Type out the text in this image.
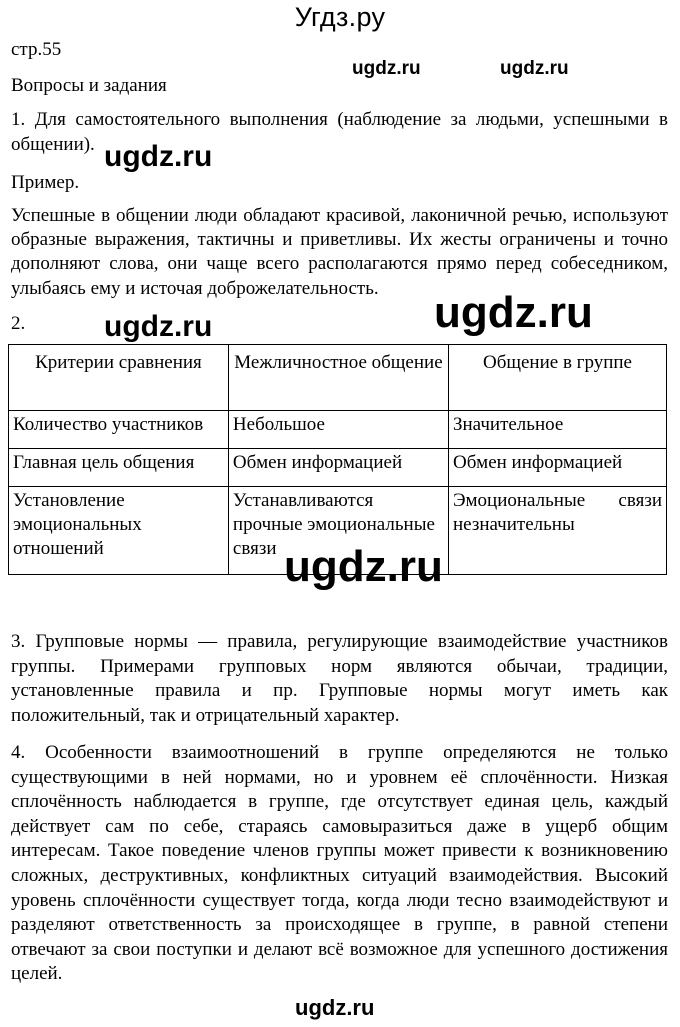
Угдз.ру
стр.55
Вопросы и задания
ugdz.ru	ugdz.ru
1. Для самостоятельного выполнения (наблюдение за людьми, успешными в общении). ugdz.ru
Пример.
Успешные в общении люди обладают красивой, лаконичной речью, используют образные выражения, тактичны и приветливы. Их жесты ограничены и точно дополняют слова, они чаще всего располагаются прямо перед собеседником, улыбаясь ему и источая доброжелательность.
2.	ugdz.ru	ugdz.ru
Критерии сравнения	Межличностное общение	Общение в группе
Количество участников	Небольшое	Значительное
Главная цель общения	Обмен информацией	Обмен информацией
Установление эмоциональных отношений	Устанавливаются прочные эмоциональные связи	Эмоциональные связи незначительны
ugdz.ru
3. Групповые нормы — правила, регулирующие взаимодействие участников группы. Примерами групповых норм являются обычаи, традиции, установленные правила и пр. Групповые нормы могут иметь как положительный, так и отрицательный характер.
4. Особенности взаимоотношений в группе определяются не только существующими в ней нормами, но и уровнем её сплочённости. Низкая сплочённость наблюдается в группе, где отсутствует единая цель, каждый действует сам по себе, стараясь самовыразиться даже в ущерб общим интересам. Такое поведение членов группы может привести к возникновению сложных, деструктивных, конфликтных ситуаций взаимодействия. Высокий уровень сплочённости существует тогда, когда люди тесно взаимодействуют и разделяют ответственность за происходящее в группе, в равной степени отвечают за свои поступки и делают всё возможное для успешного достижения целей.
ugdz.ru
